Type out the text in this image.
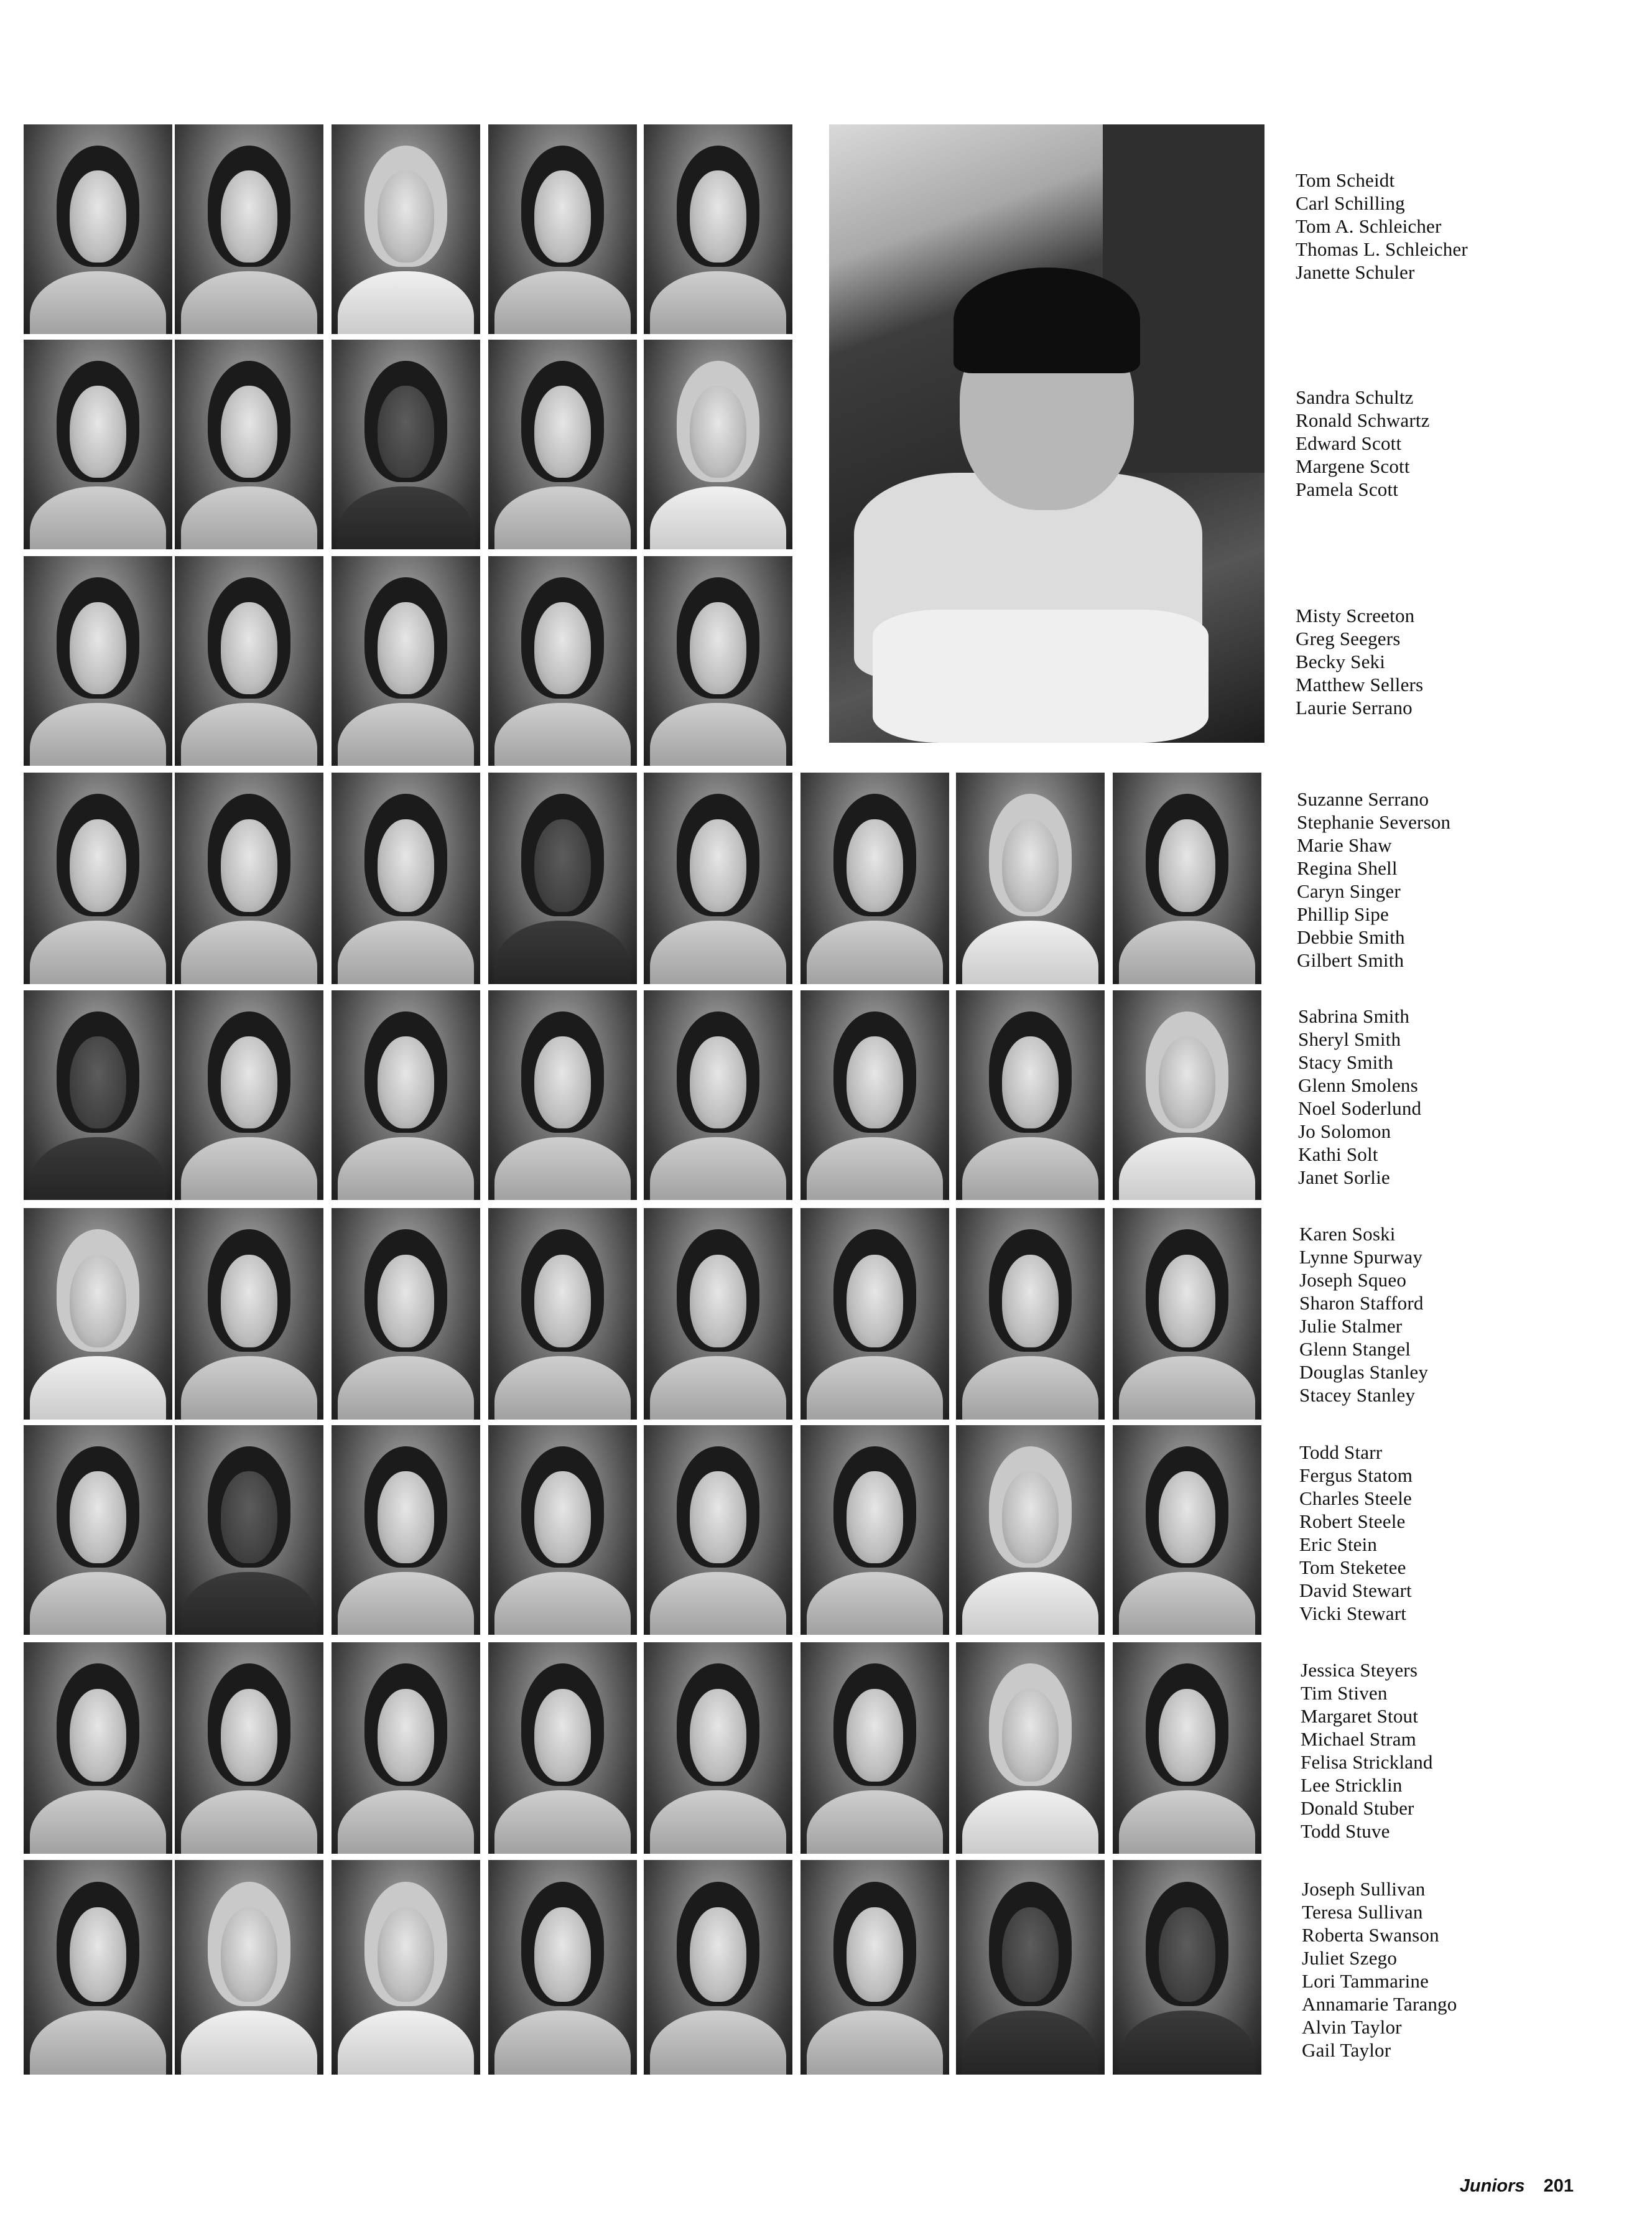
Tom Scheidt
Carl Schilling
Tom A. Schleicher
Thomas L. Schleicher
Janette Schuler
Sandra Schultz
Ronald Schwartz
Edward Scott
Margene Scott
Pamela Scott
Misty Screeton
Greg Seegers
Becky Seki
Matthew Sellers
Laurie Serrano
Suzanne Serrano
Stephanie Severson
Marie Shaw
Regina Shell
Caryn Singer
Phillip Sipe
Debbie Smith
Gilbert Smith
Sabrina Smith
Sheryl Smith
Stacy Smith
Glenn Smolens
Noel Soderlund
Jo Solomon
Kathi Solt
Janet Sorlie
Karen Soski
Lynne Spurway
Joseph Squeo
Sharon Stafford
Julie Stalmer
Glenn Stangel
Douglas Stanley
Stacey Stanley
Todd Starr
Fergus Statom
Charles Steele
Robert Steele
Eric Stein
Tom Steketee
David Stewart
Vicki Stewart
Jessica Steyers
Tim Stiven
Margaret Stout
Michael Stram
Felisa Strickland
Lee Stricklin
Donald Stuber
Todd Stuve
Joseph Sullivan
Teresa Sullivan
Roberta Swanson
Juliet Szego
Lori Tammarine
Annamarie Tarango
Alvin Taylor
Gail Taylor
Juniors 201
